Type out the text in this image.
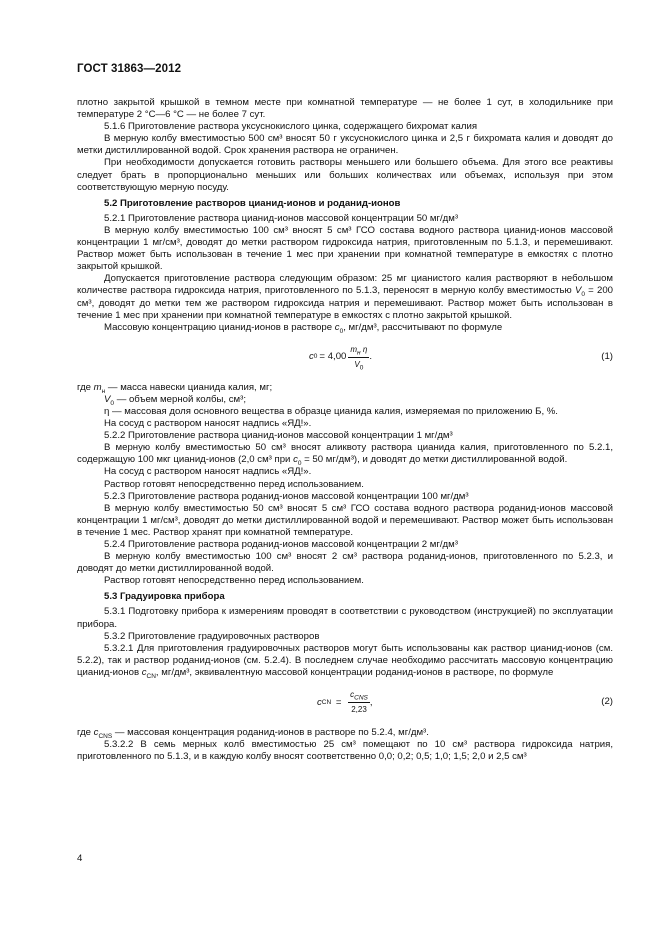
ГОСТ 31863—2012

плотно закрытой крышкой в темном месте при комнатной температуре — не более 1 сут, в холодильнике при температуре 2 °С—6 °С — не более 7 сут.

5.1.6 Приготовление раствора уксуснокислого цинка, содержащего бихромат калия

В мерную колбу вместимостью 500 см³ вносят 50 г уксуснокислого цинка и 2,5 г бихромата калия и доводят до метки дистиллированной водой. Срок хранения раствора не ограничен.

При необходимости допускается готовить растворы меньшего или большего объема. Для этого все реактивы следует брать в пропорционально меньших или больших количествах или объемах, используя при этом соответствующую мерную посуду.

5.2 Приготовление растворов цианид-ионов и роданид-ионов

5.2.1 Приготовление раствора цианид-ионов массовой концентрации 50 мг/дм³

В мерную колбу вместимостью 100 см³ вносят 5 см³ ГСО состава водного раствора цианид-ионов массовой концентрации 1 мг/см³, доводят до метки раствором гидроксида натрия, приготовленным по 5.1.3, и перемешивают. Раствор может быть использован в течение 1 мес при хранении при комнатной температуре в емкостях с плотно закрытой крышкой.

Допускается приготовление раствора следующим образом: 25 мг цианистого калия растворяют в небольшом количестве раствора гидроксида натрия, приготовленного по 5.1.3, переносят в мерную колбу вместимостью $V_0 = 200$ см³, доводят до метки тем же раствором гидроксида натрия и перемешивают. Раствор может быть использован в течение 1 мес при хранении при комнатной температуре в емкостях с плотно закрытой крышкой.

Массовую концентрацию цианид-ионов в растворе $c_0$, мг/дм³, рассчитывают по формуле

c $0 = 4,00 \frac{m_н \eta}{V_0}$ .	(1)

где $m_н$ — масса навески цианида калия, мг;

$V_0$ — объем мерной колбы, см³;

η — массовая доля основного вещества в образце цианида калия, измеряемая по приложению Б, %.

На сосуд с раствором наносят надпись «ЯД!».

5.2.2 Приготовление раствора цианид-ионов массовой концентрации 1 мг/дм³

В мерную колбу вместимостью 50 см³ вносят аликвоту раствора цианида калия, приготовленного по 5.2.1, содержащую 100 мкг цианид-ионов (2,0 см³ при $c_0 = 50$ мг/дм³), и доводят до метки дистиллированной водой.

На сосуд с раствором наносят надпись «ЯД!».

Раствор готовят непосредственно перед использованием.

5.2.3 Приготовление раствора роданид-ионов массовой концентрации 100 мг/дм³

В мерную колбу вместимостью 50 см³ вносят 5 см³ ГСО состава водного раствора роданид-ионов массовой концентрации 1 мг/см³, доводят до метки дистиллированной водой и перемешивают. Раствор может быть использован в течение 1 мес. Раствор хранят при комнатной температуре.

5.2.4 Приготовление раствора роданид-ионов массовой концентрации 2 мг/дм³

В мерную колбу вместимостью 100 см³ вносят 2 см³ раствора роданид-ионов, приготовленного по 5.2.3, и доводят до метки дистиллированной водой.

Раствор готовят непосредственно перед использованием.

5.3 Градуировка прибора

5.3.1 Подготовку прибора к измерениям проводят в соответствии с руководством (инструкцией) по эксплуатации прибора.

5.3.2 Приготовление градуировочных растворов

5.3.2.1 Для приготовления градуировочных растворов могут быть использованы как раствор цианид-ионов (см. 5.2.2), так и раствор роданид-ионов (см. 5.2.4). В последнем случае необходимо рассчитать массовую концентрацию цианид-ионов $c_{CN}$, мг/дм³, эквивалентную массовой концентрации роданид-ионов в растворе, по формуле

c CN = $\frac{c_{CNS}}{2,23}$ ,	(2)

где $c_{CNS}$ — массовая концентрация роданид-ионов в растворе по 5.2.4, мг/дм³.

5.3.2.2 В семь мерных колб вместимостью 25 см³ помещают по 10 см³ раствора гидроксида натрия, приготовленного по 5.1.3, и в каждую колбу вносят соответственно 0,0; 0,2; 0,5; 1,0; 1,5; 2,0 и 2,5 см³

4
